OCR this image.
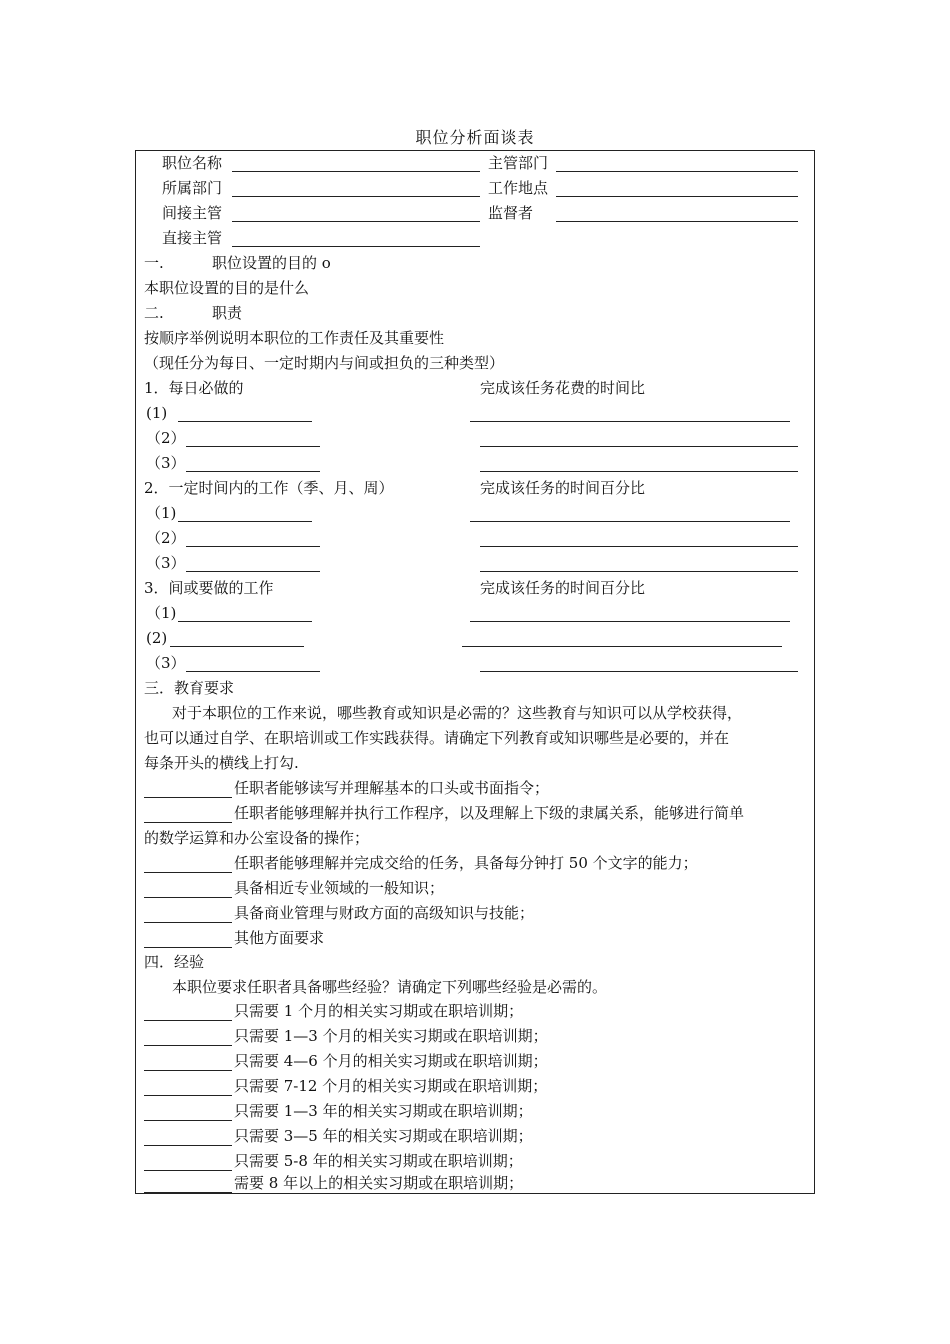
职位分析面谈表
职位名称	主管部门
所属部门	工作地点
间接主管	监督者
直接主管
一.	职位设置的目的 o
本职位设置的目的是什么
二.	职责
按顺序举例说明本职位的工作责任及其重要性
（现任分为每日、一定时期内与间或担负的三种类型）
1．每日必做的	完成该任务花费的时间比
(1)
（2）
（3）
2．一定时间内的工作（季、月、周）	完成该任务的时间百分比
（1)
（2）
（3）
3．间或要做的工作	完成该任务的时间百分比
（1)
(2)
（3）
三．教育要求
对于本职位的工作来说，哪些教育或知识是必需的？这些教育与知识可以从学校获得，
也可以通过自学、在职培训或工作实践获得。请确定下列教育或知识哪些是必要的，并在
每条开头的横线上打勾.
任职者能够读写并理解基本的口头或书面指令；
任职者能够理解并执行工作程序，以及理解上下级的隶属关系，能够进行简单
的数学运算和办公室设备的操作；
任职者能够理解并完成交给的任务，具备每分钟打 50 个文字的能力；
具备相近专业领域的一般知识；
具备商业管理与财政方面的高级知识与技能；
其他方面要求
四．经验
本职位要求任职者具备哪些经验？请确定下列哪些经验是必需的。
只需要 1 个月的相关实习期或在职培训期；
只需要 1—3 个月的相关实习期或在职培训期；
只需要 4—6 个月的相关实习期或在职培训期；
只需要 7-12 个月的相关实习期或在职培训期；
只需要 1—3 年的相关实习期或在职培训期；
只需要 3—5 年的相关实习期或在职培训期；
只需要 5-8 年的相关实习期或在职培训期；
需要 8 年以上的相关实习期或在职培训期；
